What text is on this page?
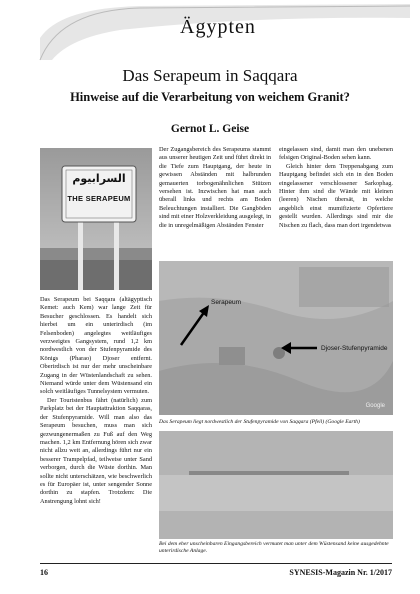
Ägypten
Das Serapeum in Saqqara
Hinweise auf die Verarbeitung von weichem Granit?
Gernot L. Geise
السرابيوم
THE SERAPEUM

Das Serapeum bei Saqqara (altägyptisch Kemet: auch Kem) war lange Zeit für Besucher geschlossen. Es handelt sich hierbei um ein unterirdisch (im Felsenboden) angelegtes weitläufiges verzweigtes Gangsystem, rund 1,2 km nordwestlich von der Stufenpyramide des Königs (Pharao) Djoser entfernt. Oberirdisch ist nur der mehr unscheinbare Zugang in der Wüstenlandschaft zu sehen. Niemand würde unter dem Wüstensand ein solch weitläufiges Tunnelsystem vermuten.

Der Touristenbus fährt (natürlich) zum Parkplatz bei der Hauptattraktion Saqqaras, der Stufenpyramide. Will man also das Serapeum besuchen, muss man sich gezwungenermaßen zu Fuß auf den Weg machen. 1,2 km Entfernung hören sich zwar nicht allzu weit an, allerdings führt nur ein besserer Trampelpfad, teilweise unter Sand verborgen, durch die Wüste dorthin. Man sollte nicht unterschätzen, wie beschwerlich es für Europäer ist, unter sengender Sonne dorthin zu stapfen. Trotzdem: Die Anstrengung lohnt sich!

Der Zugangsbereich des Serapeums stammt aus unserer heutigen Zeit und führt direkt in die Tiefe zum Hauptgang, der heute in gewissen Abständen mit halbrunden gemauerten torbogenähnlichen Stützen versehen ist. Inzwischen hat man auch überall links und rechts am Boden Beleuchtungen installiert. Die Gangböden sind mit einer Holzverkleidung ausgelegt, in die in unregelmäßigen Abständen Fenster

eingelassen sind, damit man den unebenen felsigen Original-Boden sehen kann.

Gleich hinter dem Treppenabgang zum Hauptgang befindet sich ein in den Boden eingelassener verschlossener Sarkophag. Hinter ihm sind die Wände mit kleinen (leeren) Nischen übersät, in welche angeblich einst mumifizierte Opfertiere gestellt wurden. Allerdings sind mir die Nischen zu flach, dass man dort irgendetwas

Serapeum
Djoser-Stufenpyramide
Google
Das Serapeum liegt nordwestlich der Stufenpyramide von Saqqara (Pfeil) (Google Earth)
Bei dem eher unscheinbaren Eingangsbereich vermutet man unter dem Wüstensand keine ausgedehnte unterirdische Anlage.
16	SYNESIS-Magazin Nr. 1/2017
